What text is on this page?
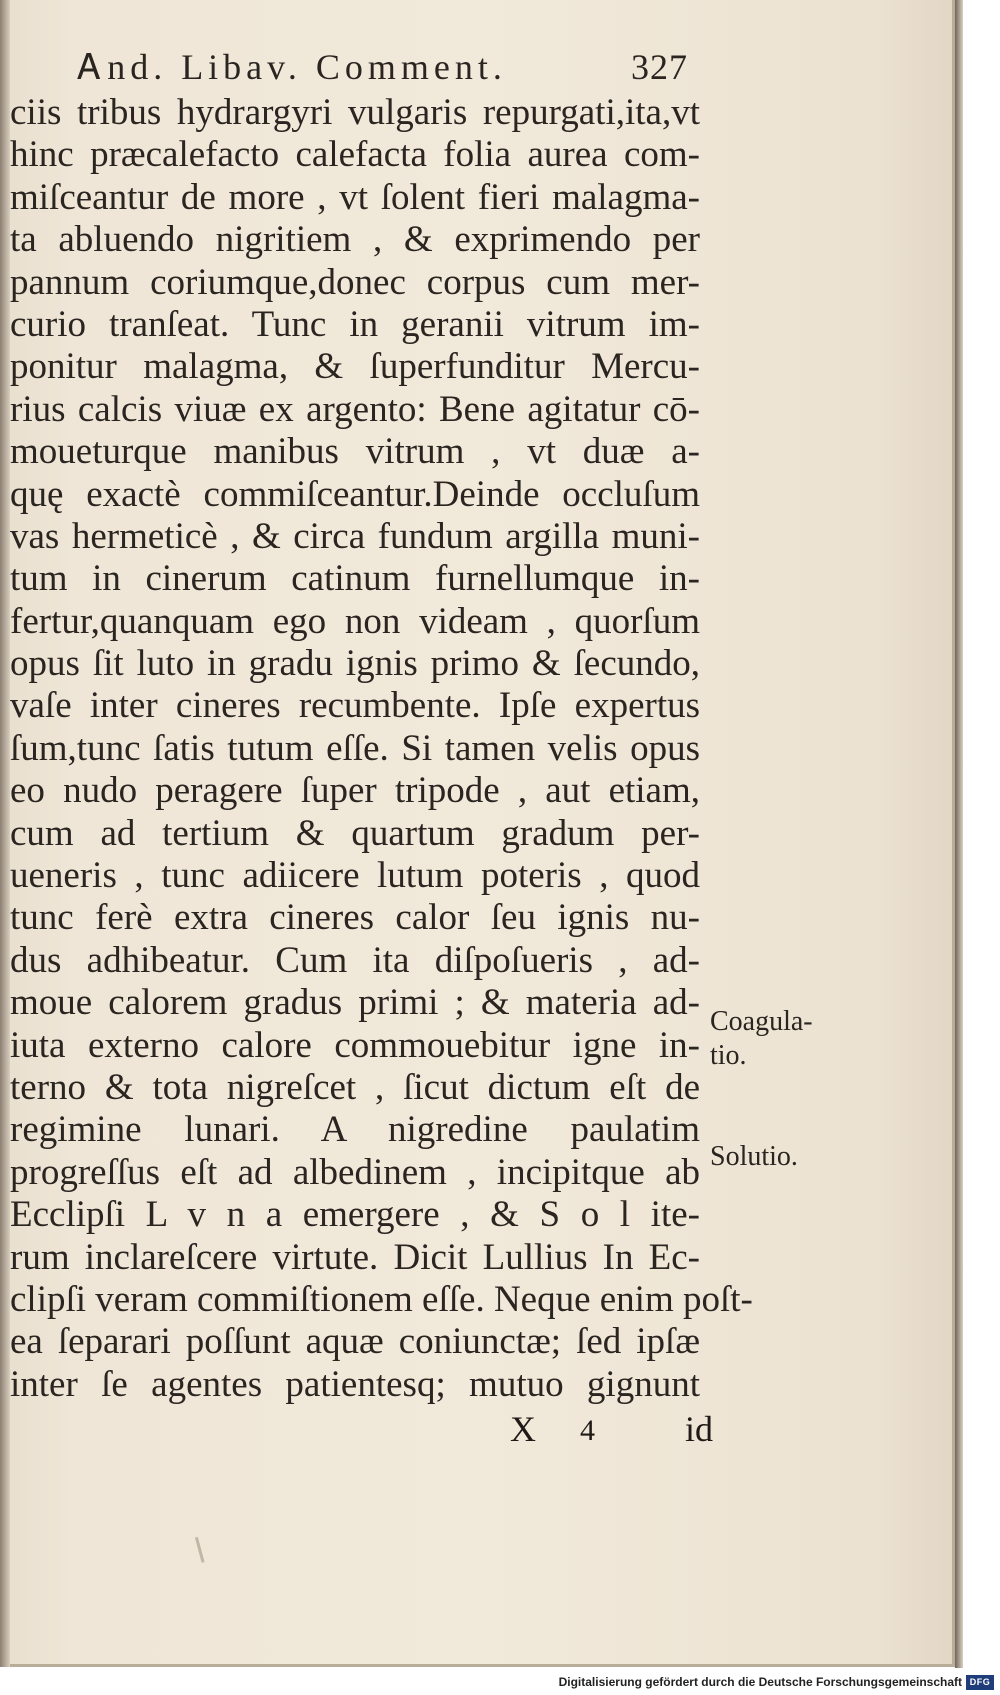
Ꭺnd. Libav. Comment.	327
ciis tribus hydrargyri vulgaris repurgati,ita,vt
hinc præcalefacto calefacta folia aurea com-
miſceantur de more , vt ſolent fieri malagma-
ta abluendo nigritiem , & exprimendo per
pannum coriumque,donec corpus cum mer-
curio tranſeat. Tunc in geranii vitrum im-
ponitur malagma, & ſuperfunditur Mercu-
rius calcis viuæ ex argento: Bene agitatur cō-
moueturque manibus vitrum , vt duæ a-
quę exactè commiſceantur.Deinde occluſum
vas hermeticè , & circa fundum argilla muni-
tum in cinerum catinum furnellumque in-
fertur,quanquam ego non videam , quorſum
opus ſit luto in gradu ignis primo & ſecundo,
vaſe inter cineres recumbente. Ipſe expertus
ſum,tunc ſatis tutum eſſe. Si tamen velis opus
eo nudo peragere ſuper tripode , aut etiam,
cum ad tertium & quartum gradum per-
ueneris , tunc adiicere lutum poteris , quod
tunc ferè extra cineres calor ſeu ignis nu-
dus adhibeatur. Cum ita diſpoſueris , ad-
moue calorem gradus primi ; & materia ad-
iuta externo calore commouebitur igne in-
terno & tota nigreſcet , ſicut dictum eſt de
regimine lunari. A nigredine paulatim
progreſſus eſt ad albedinem , incipitque ab
Ecclipſi L v n a emergere , & S o l ite-
rum inclareſcere virtute. Dicit Lullius In Ec-
clipſi veram commiſtionem eſſe. Neque enim poſt-
ea ſeparari poſſunt aquæ coniunctæ; ſed ipſæ
inter ſe agentes patientesq; mutuo gignunt
Coagula-
tio.
Solutio.
X 4	id
Digitalisierung gefördert durch die Deutsche Forschungsgemeinschaft DFG
